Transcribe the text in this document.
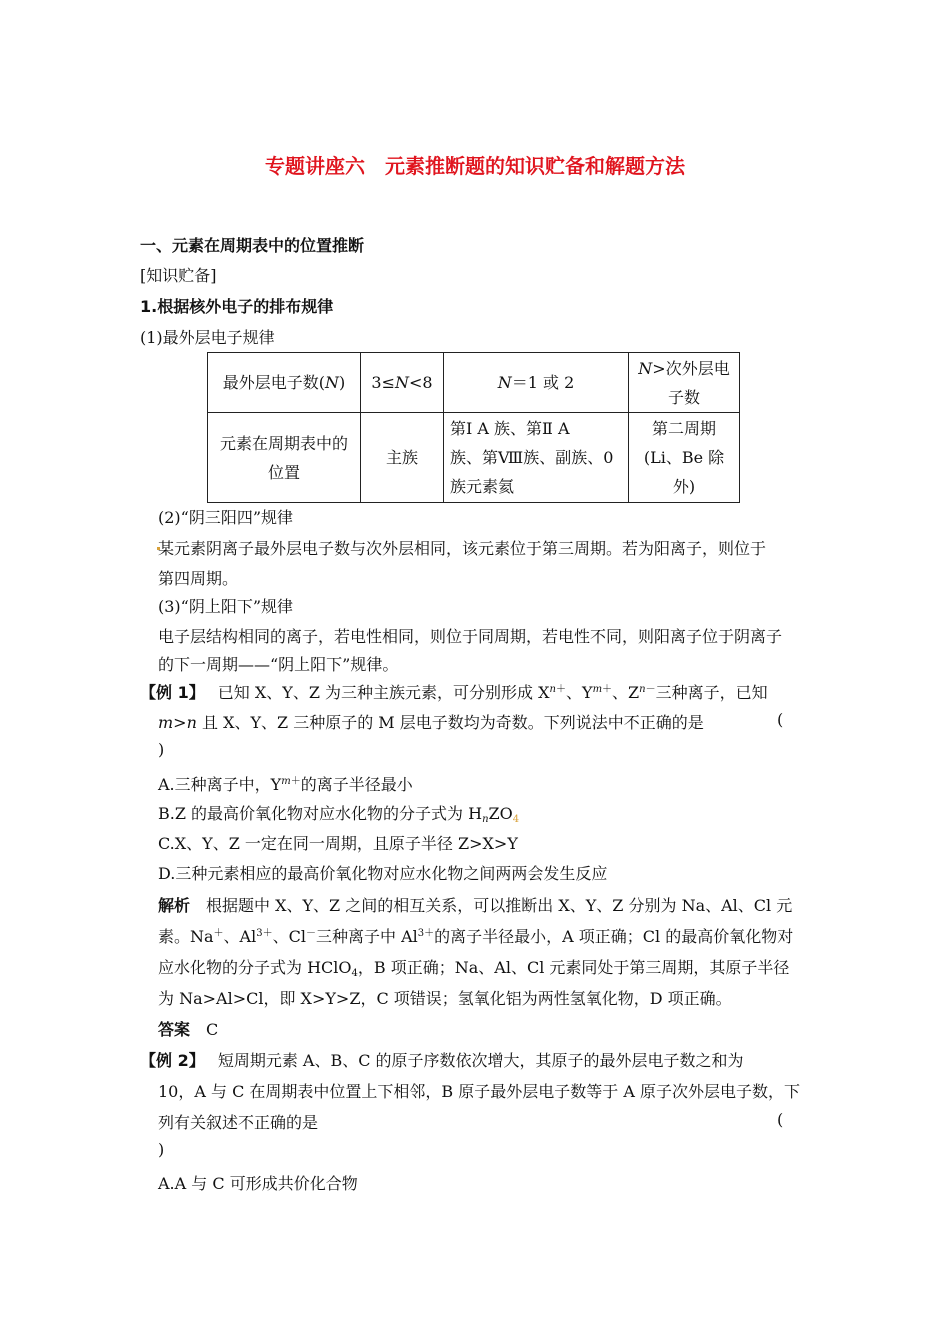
专题讲座六　元素推断题的知识贮备和解题方法
一、元素在周期表中的位置推断
[知识贮备]
1.根据核外电子的排布规律
(1)最外层电子规律
最外层电子数(N)	3≤N<8	N＝1 或 2	N>次外层电
子数
元素在周期表中的
位置	主族	第Ⅰ A 族、第Ⅱ A
族、第Ⅷ族、副族、0
族元素氦	第二周期
(Li、Be 除
外)
(2)“阴三阳四”规律
某元素阴离子最外层电子数与次外层相同，该元素位于第三周期。若为阳离子，则位于
第四周期。
(3)“阴上阳下”规律
电子层结构相同的离子，若电性相同，则位于同周期，若电性不同，则阳离子位于阴离子
的下一周期——“阴上阳下”规律。
【例 1】　 已知 X、Y、Z 为三种主族元素，可分别形成 $X^{n+}$、$Y^{m+}$、$Z^{n-}$三种离子，已知
m>n 且 X、Y、Z 三种原子的 M 层电子数均为奇数。下列说法中不正确的是	(
)
A.三种离子中，$Y^{m+}$的离子半径最小
B.Z 的最高价氧化物对应水化物的分子式为 $H_nZO_4$
C.X、Y、Z 一定在同一周期，且原子半径 Z>X>Y
D.三种元素相应的最高价氧化物对应水化物之间两两会发生反应
解析　根据题中 X、Y、Z 之间的相互关系，可以推断出 X、Y、Z 分别为 Na、Al、Cl 元
素。Na＋、$Al^{3+}$、Cl－三种离子中 $Al^{3+}$的离子半径最小，A 项正确；Cl 的最高价氧化物对
应水化物的分子式为 HClO$_4$，B 项正确；Na、Al、Cl 元素同处于第三周期，其原子半径
为 Na>Al>Cl，即 X>Y>Z，C 项错误；氢氧化铝为两性氢氧化物，D 项正确。
答案　 C
【例 2】　 短周期元素 A、B、C 的原子序数依次增大，其原子的最外层电子数之和为
10，A 与 C 在周期表中位置上下相邻，B 原子最外层电子数等于 A 原子次外层电子数，下
列有关叙述不正确的是	(
)
A.A 与 C 可形成共价化合物
